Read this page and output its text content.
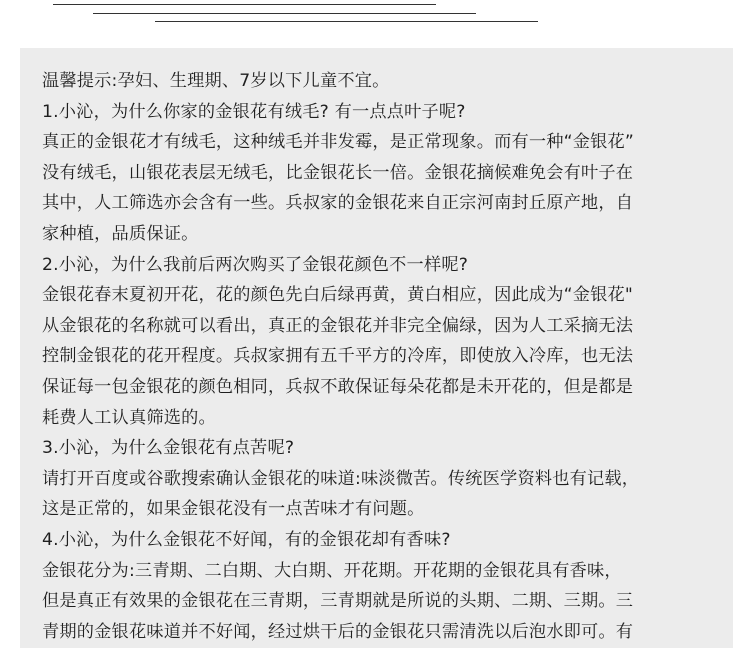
温馨提示:孕妇、生理期、7岁以下儿童不宜。
1.小沁，为什么你家的金银花有绒毛? 有一点点叶子呢?
真正的金银花才有绒毛，这种绒毛并非发霉，是正常现象。而有一种“金银花”
没有绒毛，山银花表层无绒毛，比金银花长一倍。金银花摘候难免会有叶子在
其中，人工筛选亦会含有一些。兵叔家的金银花来自正宗河南封丘原产地，自
家种植，品质保证。
2.小沁，为什么我前后两次购买了金银花颜色不一样呢?
金银花春末夏初开花，花的颜色先白后绿再黄，黄白相应，因此成为“金银花"
从金银花的名称就可以看出，真正的金银花并非完全偏绿，因为人工采摘无法
控制金银花的花开程度。兵叔家拥有五千平方的冷库，即使放入冷库，也无法
保证每一包金银花的颜色相同，兵叔不敢保证每朵花都是未开花的，但是都是
耗费人工认真筛选的。
3.小沁，为什么金银花有点苦呢?
请打开百度或谷歌搜索确认金银花的味道:味淡微苦。传统医学资料也有记载，
这是正常的，如果金银花没有一点苦味才有问题。
4.小沁，为什么金银花不好闻，有的金银花却有香味?
金银花分为:三青期、二白期、大白期、开花期。开花期的金银花具有香味，
但是真正有效果的金银花在三青期，三青期就是所说的头期、二期、三期。三
青期的金银花味道并不好闻，经过烘干后的金银花只需清洗以后泡水即可。有
